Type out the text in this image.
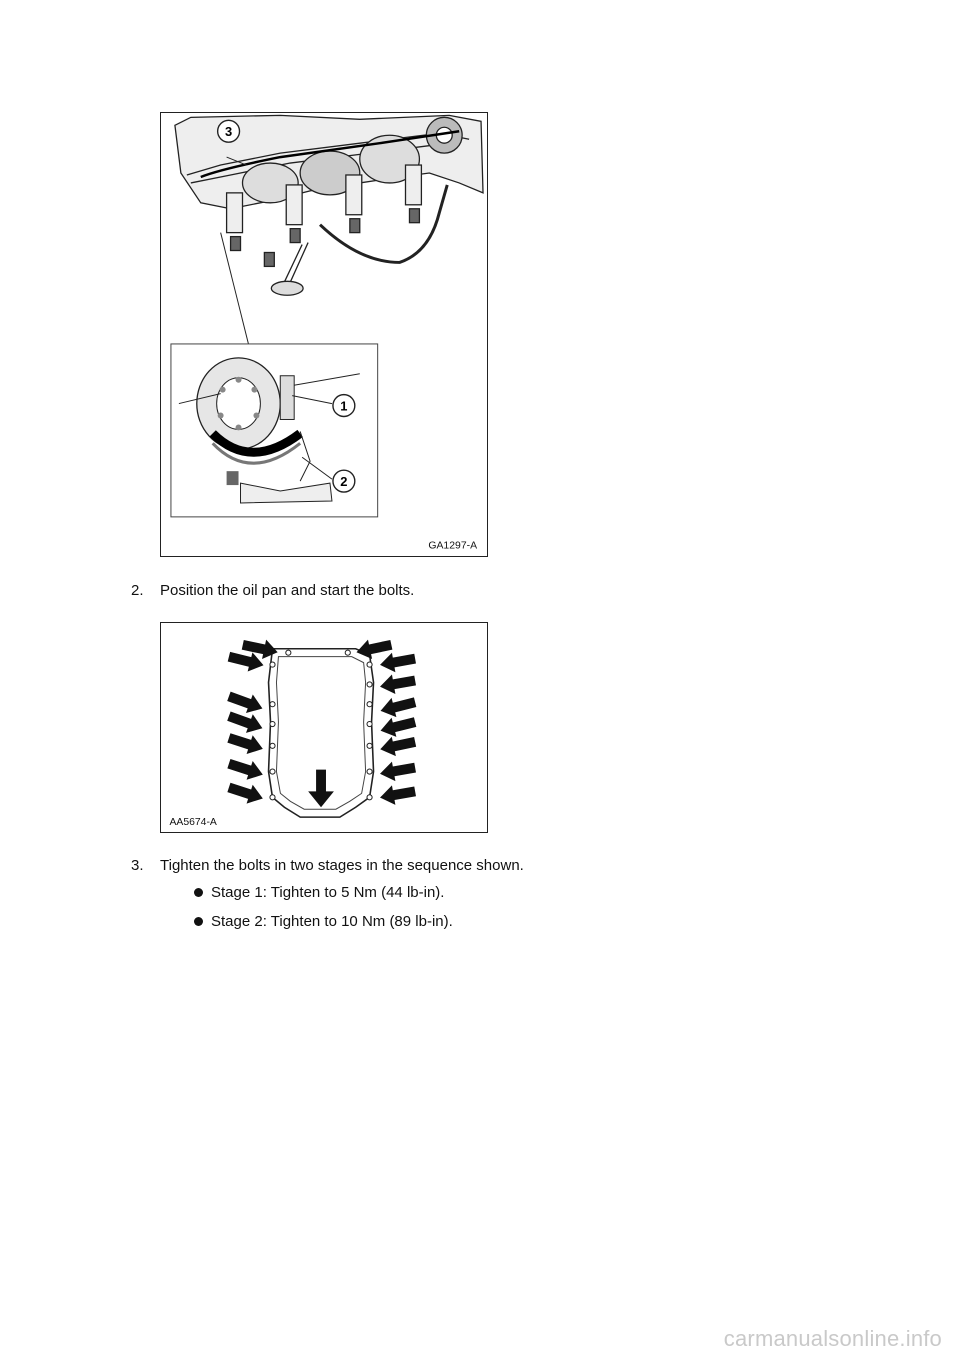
3
1
2
GA1297-A
2. Position the oil pan and start the bolts.
AA5674-A
3. Tighten the bolts in two stages in the sequence shown.
Stage 1: Tighten to 5 Nm (44 lb-in).
Stage 2: Tighten to 10 Nm (89 lb-in).
carmanualsonline.info
